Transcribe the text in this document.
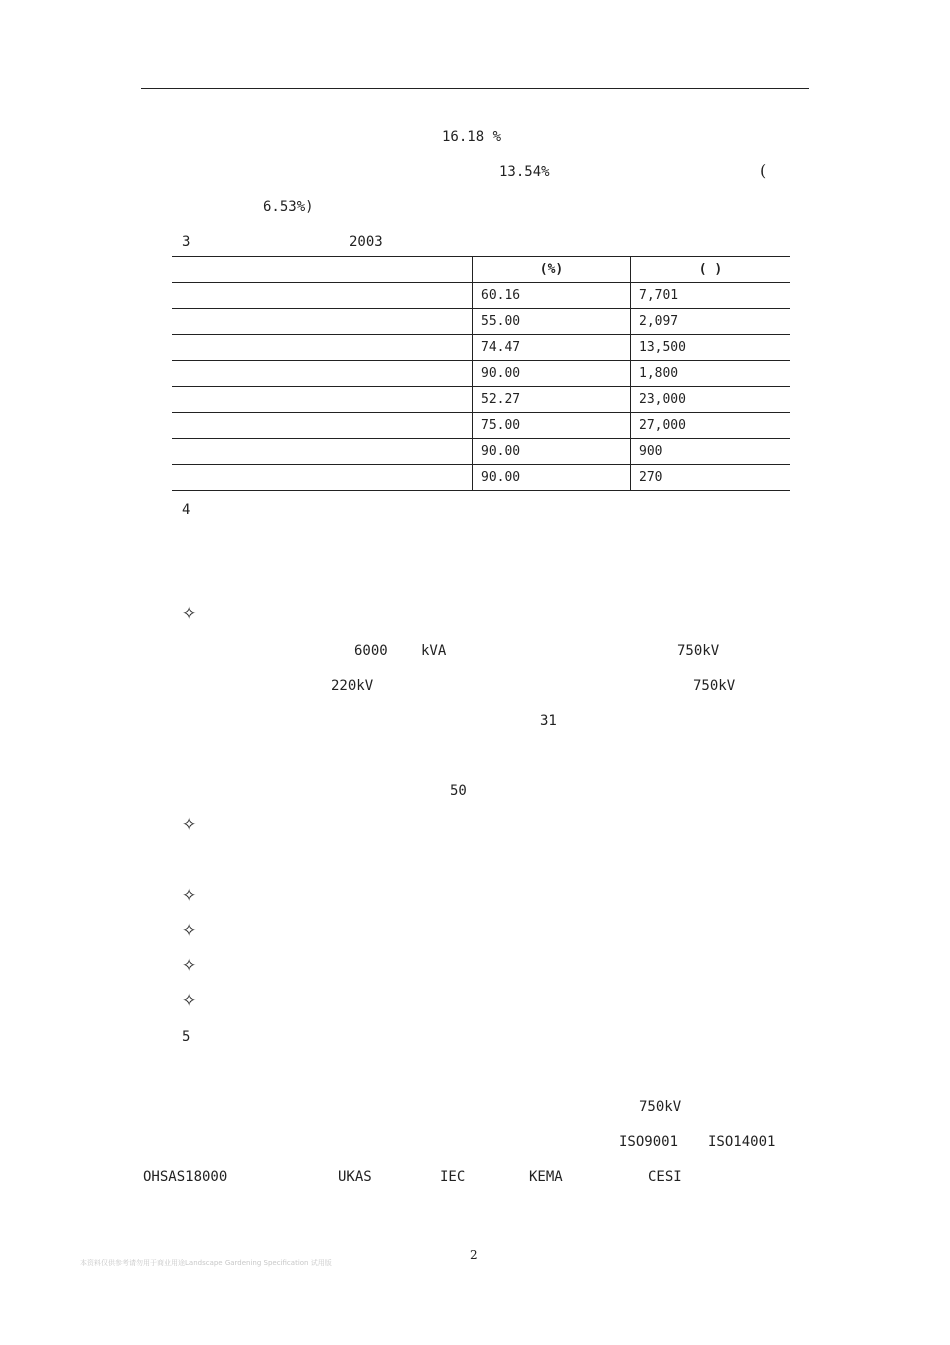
16.18 %
13.54%	(
6.53%)
3	2003
	(%)	( )
	60.16	7,701
	55.00	2,097
	74.47	13,500
	90.00	1,800
	52.27	23,000
	75.00	27,000
	90.00	900
	90.00	270
4
✧
6000 kVA	750kV
220kV	750kV
31
50
✧
✧
✧
✧
✧
5
750kV
ISO9001 ISO14001
OHSAS18000	UKAS	IEC	KEMA	CESI
本资料仅供参考请勿用于商业用途Landscape Gardening Specification 试用版
2
